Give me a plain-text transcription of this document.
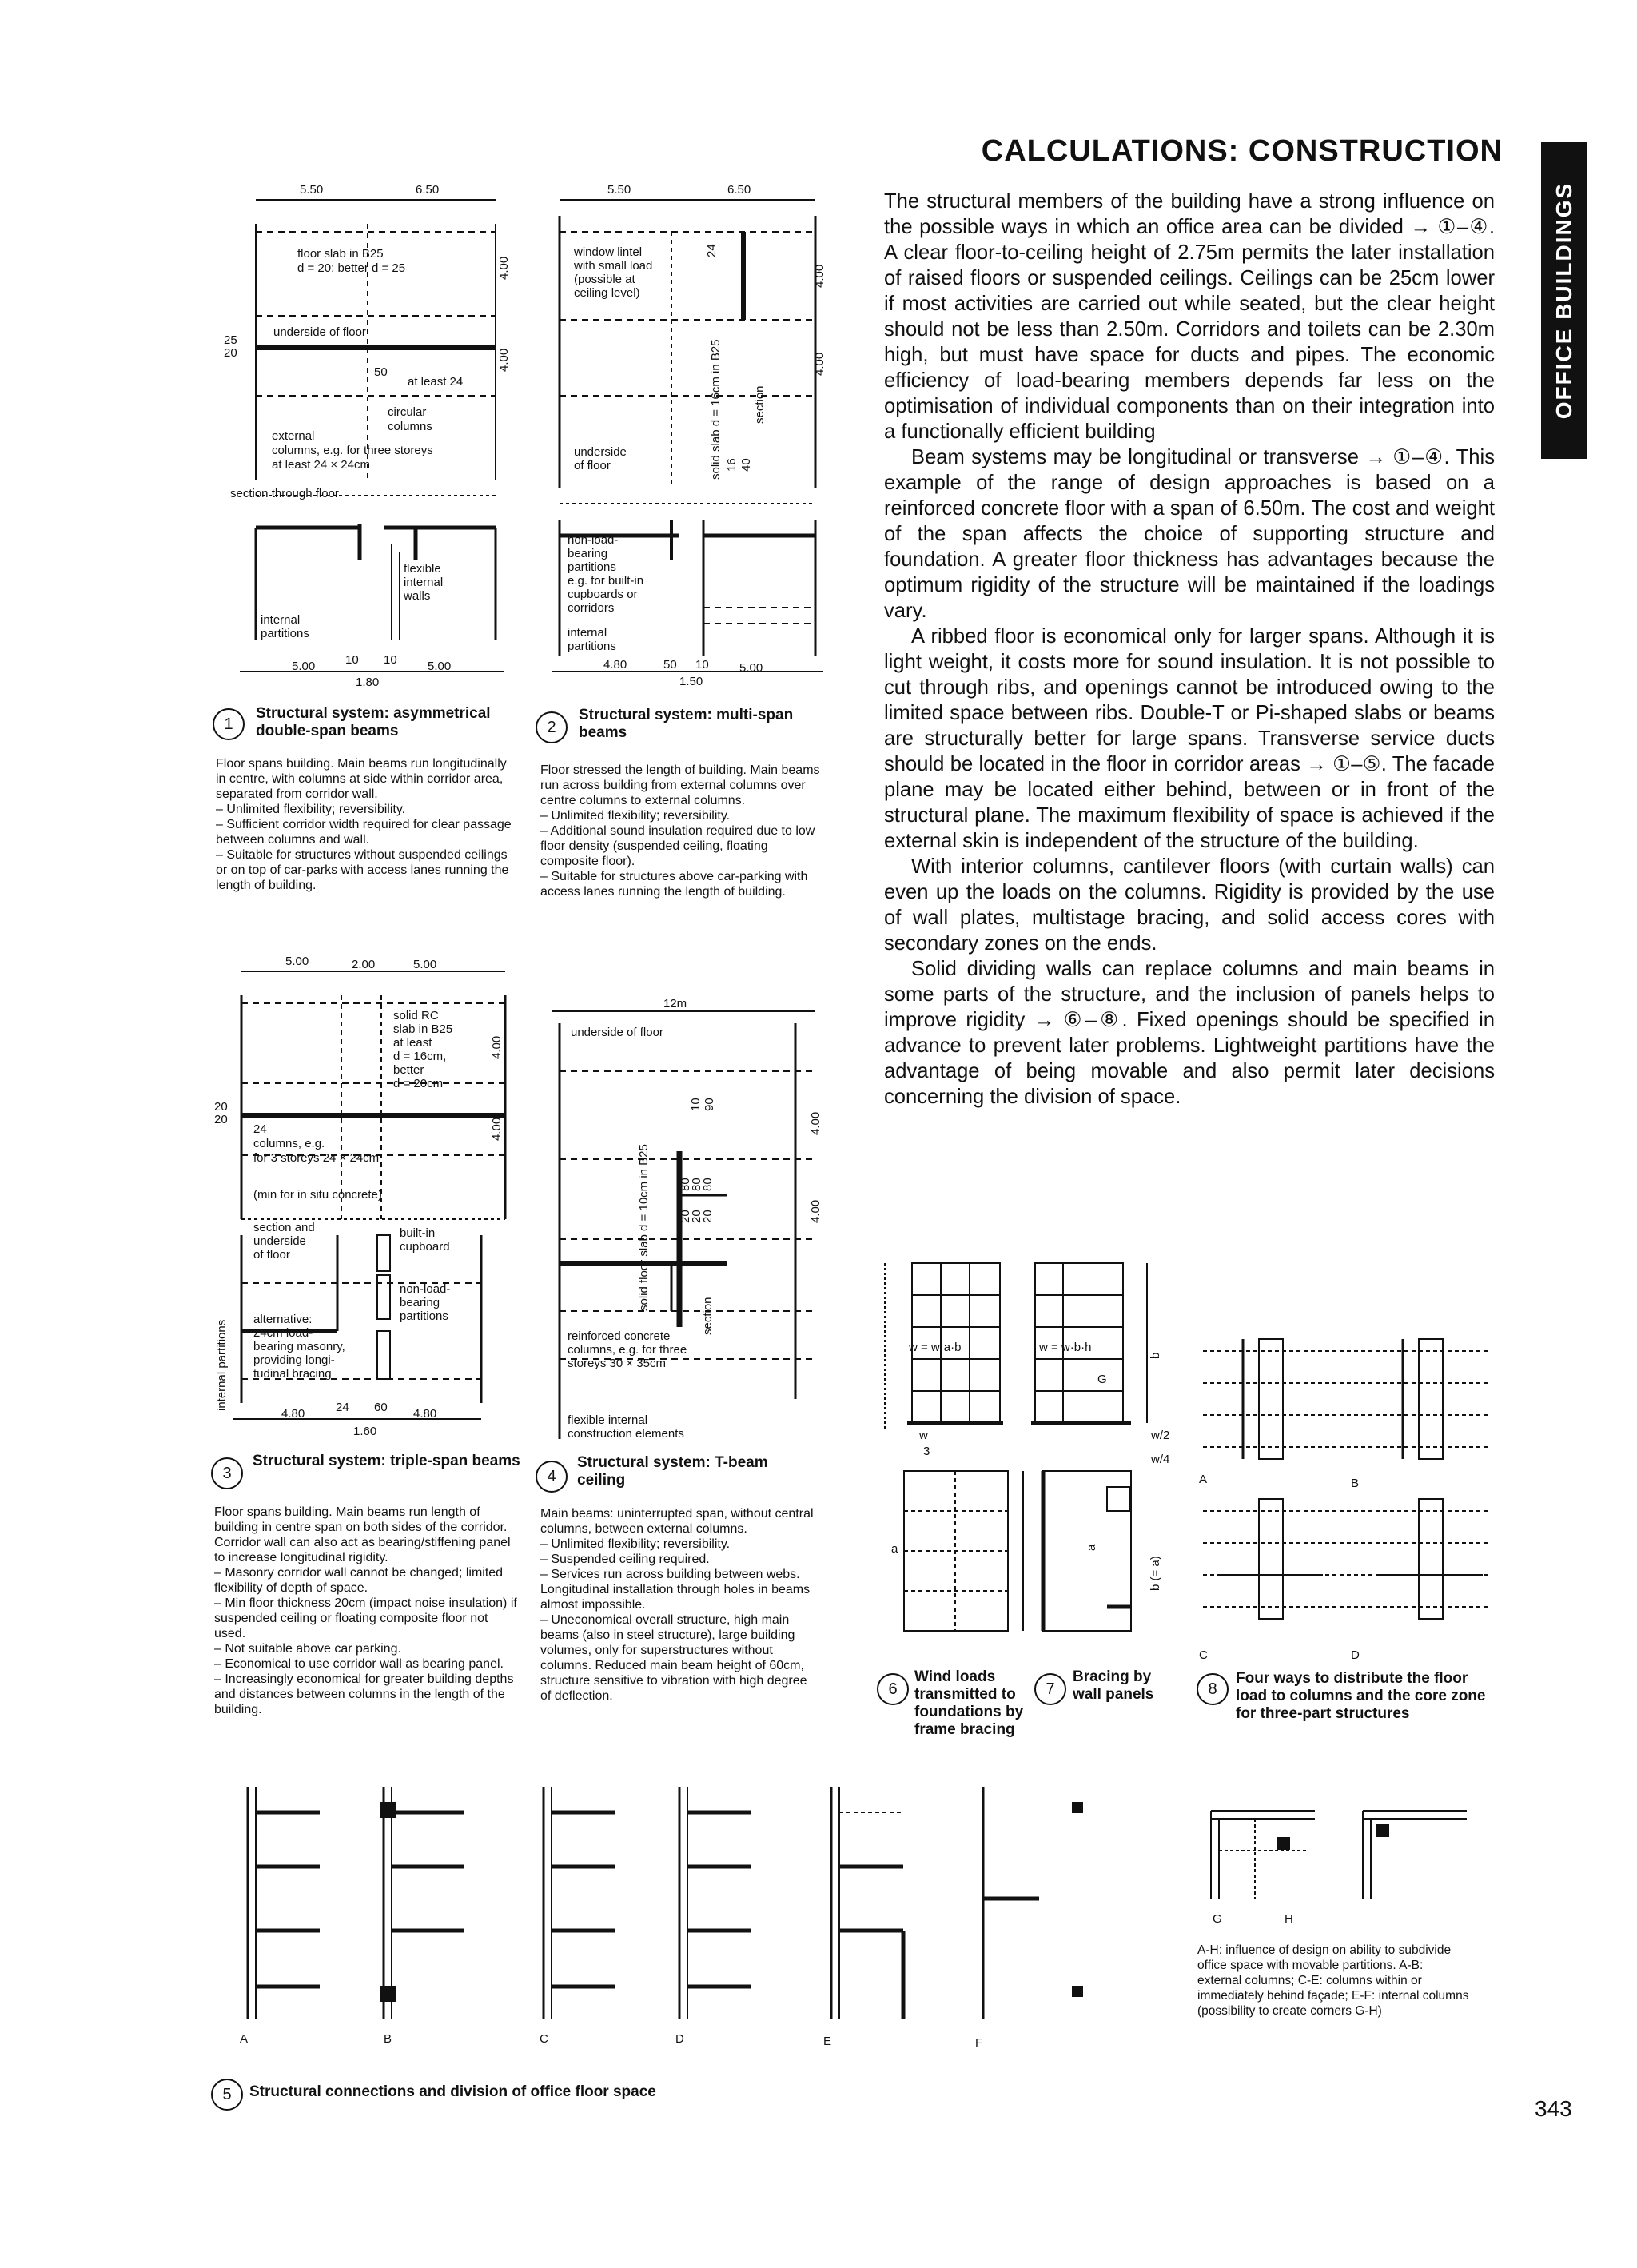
CALCULATIONS: CONSTRUCTION
OFFICE BUILDINGS

The structural members of the building have a strong influence on the possible ways in which an office area can be divided → ①–④. A clear floor-to-ceiling height of 2.75m permits the later installation of raised floors or suspended ceilings. Ceilings can be 25cm lower if most activities are carried out while seated, but the clear height should not be less than 2.50m. Corridors and toilets can be 2.30m high, but must have space for ducts and pipes. The economic efficiency of load-bearing members depends far less on the optimisation of individual components than on their integration into a functionally efficient building

Beam systems may be longitudinal or transverse → ①–④. This example of the range of design approaches is based on a reinforced concrete floor with a span of 6.50m. The cost and weight of the span affects the choice of supporting structure and foundation. A greater floor thickness has advantages because the optimum rigidity of the structure will be maintained if the loadings vary.

A ribbed floor is economical only for larger spans. Although it is light weight, it costs more for sound insulation. It is not possible to cut through ribs, and openings cannot be introduced owing to the limited space between ribs. Double-T or Pi-shaped slabs or beams are structurally better for large spans. Transverse service ducts should be located in the floor in corridor areas → ①–⑤. The facade plane may be located either behind, between or in front of the structural plane. The maximum flexibility of space is achieved if the external skin is independent of the structure of the building.

With interior columns, cantilever floors (with curtain walls) can even up the loads on the columns. Rigidity is provided by the use of wall plates, multistage bracing, and solid access cores with secondary zones on the ends.

Solid dividing walls can replace columns and main beams in some parts of the structure, and the inclusion of panels helps to improve rigidity → ⑥–⑧. Fixed openings should be specified in advance to prevent later problems. Lightweight partitions have the advantage of being movable and also permit later decisions concerning the division of space.

5.50	6.50
floor slab in B25
d = 20; better d = 25
underside of floor
25
20
4.00
4.00
50
at least 24
circular
columns
external
columns, e.g. for three storeys
at least 24 × 24cm
section through floor
flexible
internal
walls
internal
partitions
5.00	10 10	5.00
1.80
1
Structural system: asymmetrical double-span beams

Floor spans building. Main beams run longitudinally in centre, with columns at side within corridor area, separated from corridor wall.

– Unlimited flexibility; reversibility.

– Sufficient corridor width required for clear passage between columns and wall.

– Suitable for structures without suspended ceilings or on top of car-parks with access lanes running the length of building.

5.50	6.50
window lintel
with small load
(possible at
ceiling level)
24
solid slab d = 16cm in B25	section
4.00
4.00
underside
of floor	16 40
non-load-
bearing
partitions
e.g. for built-in
cupboards or
corridors
internal
partitions
4.80	50 10	5.00
1.50
2
Structural system: multi-span beams

Floor stressed the length of building. Main beams run across building from external columns over centre columns to external columns.

– Unlimited flexibility; reversibility.

– Additional sound insulation required due to low floor density (suspended ceiling, floating composite floor).

– Suitable for structures above car-parking with access lanes running the length of building.

5.00	2.00	5.00
solid RC
slab in B25
at least
d = 16cm,
better
d = 20cm
4.00
4.00
20
20
24
columns, e.g.
for 3 storeys 24 × 24cm
(min for in situ concrete)
section and
underside
of floor
built-in
cupboard
non-load-
bearing
partitions
alternative:
24cm load-
bearing masonry,
providing longi-
tudinal bracing
internal partitions
4.80	24 60 4.80
1.60
3
Structural system: triple-span beams

Floor spans building. Main beams run length of building in centre span on both sides of the corridor. Corridor wall can also act as bearing/stiffening panel to increase longitudinal rigidity.

– Masonry corridor wall cannot be changed; limited flexibility of depth of space.

– Min floor thickness 20cm (impact noise insulation) if suspended ceiling or floating composite floor not used.

– Not suitable above car parking.

– Economical to use corridor wall as bearing panel.

– Increasingly economical for greater building depths and distances between columns in the length of the building.

12m
underside of floor
solid floor slab d = 10cm in B25
section
4.00
4.00
10 90
80
80
80
20
20
20
reinforced concrete
columns, e.g. for three
storeys 30 × 35cm
flexible internal
construction elements
4
Structural system: T-beam ceiling

Main beams: uninterrupted span, without central columns, between external columns.

– Unlimited flexibility; reversibility.

– Suspended ceiling required.

– Services run across building between webs. Longitudinal installation through holes in beams almost impossible.

– Uneconomical overall structure, high main beams (also in steel structure), large building volumes, only for superstructures without columns. Reduced main beam height of 60cm, structure sensitive to vibration with high degree of deflection.

A	B	C	D	E	F
5	Structural connections and division of office floor space
w = w·a·b
w
3
a
6
Wind loads transmitted to foundations by frame bracing
w = w·b·h
G
b
b (= a)
a
w/2
w/4
7
Bracing by wall panels
A	B
C	D
8
Four ways to distribute the floor load to columns and the core zone for three-part structures
G	H
A-H: influence of design on ability to subdivide office space with movable partitions. A-B: external columns; C-E: columns within or immediately behind façade; E-F: internal columns (possibility to create corners G-H)
343
